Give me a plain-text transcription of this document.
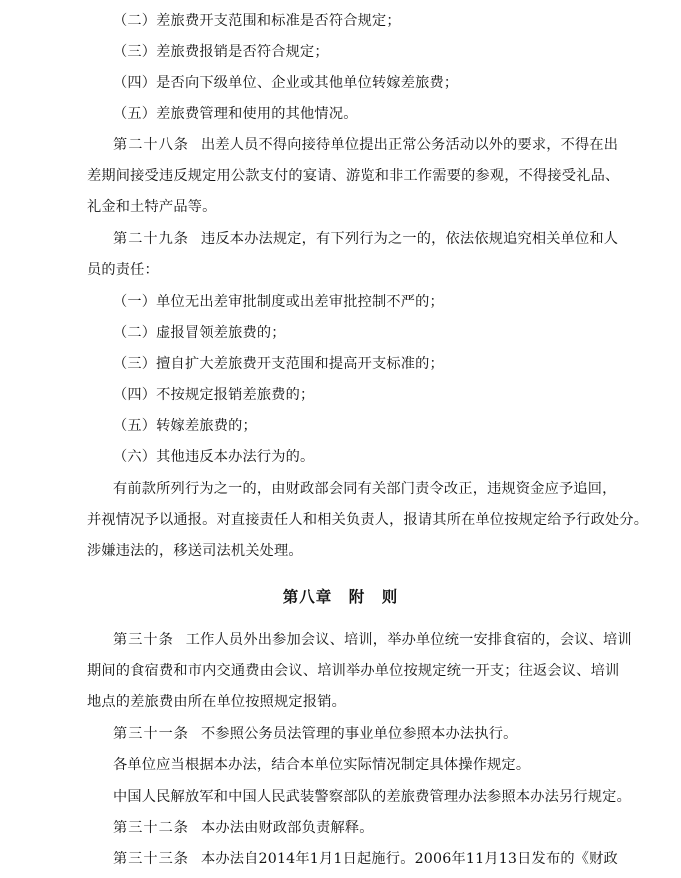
（二）差旅费开支范围和标准是否符合规定；
（三）差旅费报销是否符合规定；
（四）是否向下级单位、企业或其他单位转嫁差旅费；
（五）差旅费管理和使用的其他情况。
第二十八条 出差人员不得向接待单位提出正常公务活动以外的要求，不得在出
差期间接受违反规定用公款支付的宴请、游览和非工作需要的参观，不得接受礼品、
礼金和土特产品等。
第二十九条 违反本办法规定，有下列行为之一的，依法依规追究相关单位和人
员的责任：
（一）单位无出差审批制度或出差审批控制不严的；
（二）虚报冒领差旅费的；
（三）擅自扩大差旅费开支范围和提高开支标准的；
（四）不按规定报销差旅费的；
（五）转嫁差旅费的；
（六）其他违反本办法行为的。
有前款所列行为之一的，由财政部会同有关部门责令改正，违规资金应予追回，
并视情况予以通报。对直接责任人和相关负责人，报请其所在单位按规定给予行政处分。
涉嫌违法的，移送司法机关处理。
第八章　附　则
第三十条 工作人员外出参加会议、培训，举办单位统一安排食宿的，会议、培训
期间的食宿费和市内交通费由会议、培训举办单位按规定统一开支；往返会议、培训
地点的差旅费由所在单位按照规定报销。
第三十一条 不参照公务员法管理的事业单位参照本办法执行。
各单位应当根据本办法，结合本单位实际情况制定具体操作规定。
中国人民解放军和中国人民武装警察部队的差旅费管理办法参照本办法另行规定。
第三十二条 本办法由财政部负责解释。
第三十三条 本办法自2014年1月1日起施行。2006年11月13日发布的《财政
